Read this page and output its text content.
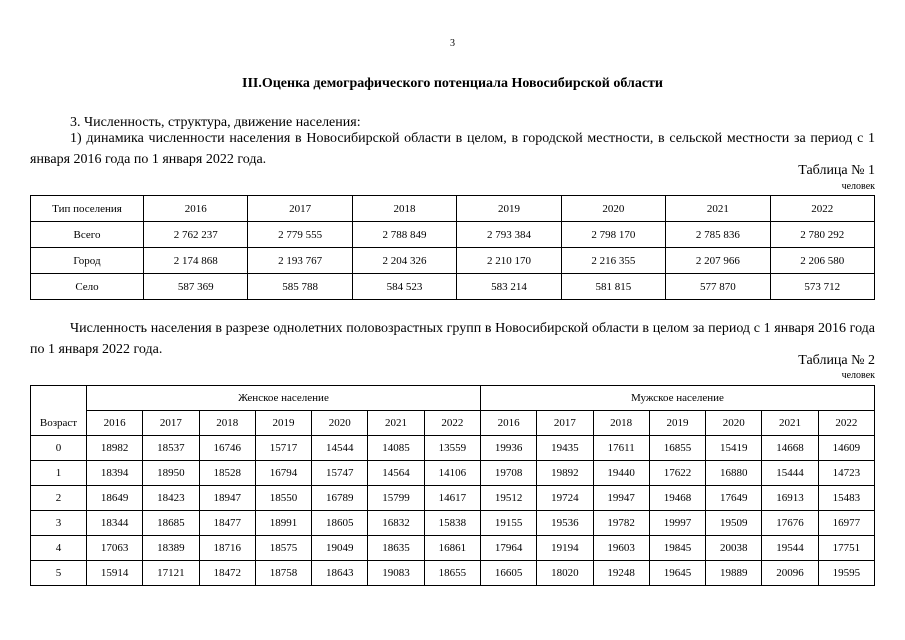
3
III.Оценка демографического потенциала Новосибирской области
3. Численность, структура, движение населения:
1) динамика численности населения в Новосибирской области в целом, в городской местности, в сельской местности за период с 1 января 2016 года по 1 января 2022 года.
Таблица № 1
человек
Тип поселения	2016	2017	2018	2019	2020	2021	2022
Всего	2 762 237	2 779 555	2 788 849	2 793 384	2 798 170	2 785 836	2 780 292
Город	2 174 868	2 193 767	2 204 326	2 210 170	2 216 355	2 207 966	2 206 580
Село	587 369	585 788	584 523	583 214	581 815	577 870	573 712
Численность населения в разрезе однолетних половозрастных групп в Новосибирской области в целом за период с 1 января 2016 года по 1 января 2022 года.
Таблица № 2
человек
	Женское население							Мужское население						
Возраст	2016	2017	2018	2019	2020	2021	2022	2016	2017	2018	2019	2020	2021	2022
0	18982	18537	16746	15717	14544	14085	13559	19936	19435	17611	16855	15419	14668	14609
1	18394	18950	18528	16794	15747	14564	14106	19708	19892	19440	17622	16880	15444	14723
2	18649	18423	18947	18550	16789	15799	14617	19512	19724	19947	19468	17649	16913	15483
3	18344	18685	18477	18991	18605	16832	15838	19155	19536	19782	19997	19509	17676	16977
4	17063	18389	18716	18575	19049	18635	16861	17964	19194	19603	19845	20038	19544	17751
5	15914	17121	18472	18758	18643	19083	18655	16605	18020	19248	19645	19889	20096	19595
